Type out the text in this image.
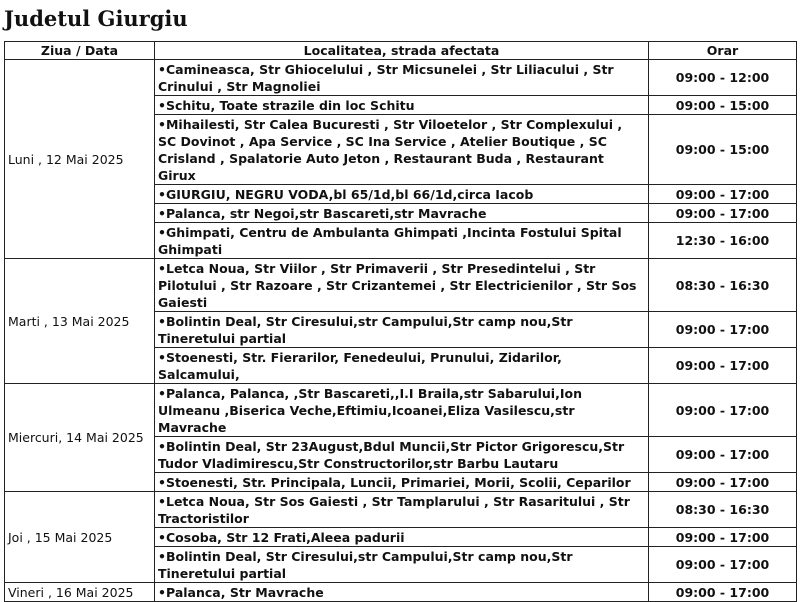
Judetul Giurgiu
Ziua / Data	Localitatea, strada afectata	Orar
Luni , 12 Mai 2025	•Camineasca, Str Ghiocelului , Str Micsunelei , Str Liliacului , Str
Crinului , Str Magnoliei	09:00 - 12:00

	•Schitu, Toate strazile din loc Schitu	09:00 - 15:00

	•Mihailesti, Str Calea Bucuresti , Str Viloetelor , Str Complexului ,
SC Dovinot , Apa Service , SC Ina Service , Atelier Boutique , SC
Crisland , Spalatorie Auto Jeton , Restaurant Buda , Restaurant
Girux	09:00 - 15:00

	•GIURGIU, NEGRU VODA,bl 65/1d,bl 66/1d,circa Iacob	09:00 - 17:00

	•Palanca, str Negoi,str Bascareti,str Mavrache	09:00 - 17:00

	•Ghimpati, Centru de Ambulanta Ghimpati ,Incinta Fostului Spital
Ghimpati	12:30 - 16:00
Marti , 13 Mai 2025	•Letca Noua, Str Viilor , Str Primaverii , Str Presedintelui , Str
Pilotului , Str Razoare , Str Crizantemei , Str Electricienilor , Str Sos
Gaiesti	08:30 - 16:30

	•Bolintin Deal, Str Ciresului,str Campului,Str camp nou,Str
Tineretului partial	09:00 - 17:00

	•Stoenesti, Str. Fierarilor, Fenedeului, Prunului, Zidarilor,
Salcamului,	09:00 - 17:00
Miercuri, 14 Mai 2025	•Palanca, Palanca, ,Str Bascareti,,I.I Braila,str Sabarului,Ion
Ulmeanu ,Biserica Veche,Eftimiu,Icoanei,Eliza Vasilescu,str
Mavrache	09:00 - 17:00

	•Bolintin Deal, Str 23August,Bdul Muncii,Str Pictor Grigorescu,Str
Tudor Vladimirescu,Str Constructorilor,str Barbu Lautaru	09:00 - 17:00

	•Stoenesti, Str. Principala, Luncii, Primariei, Morii, Scolii, Ceparilor	09:00 - 17:00
Joi , 15 Mai 2025	•Letca Noua, Str Sos Gaiesti , Str Tamplarului , Str Rasaritului , Str
Tractoristilor	08:30 - 16:30

	•Cosoba, Str 12 Frati,Aleea padurii	09:00 - 17:00

	•Bolintin Deal, Str Ciresului,str Campului,Str camp nou,Str
Tineretului partial	09:00 - 17:00
Vineri , 16 Mai 2025	•Palanca, Str Mavrache	09:00 - 17:00
